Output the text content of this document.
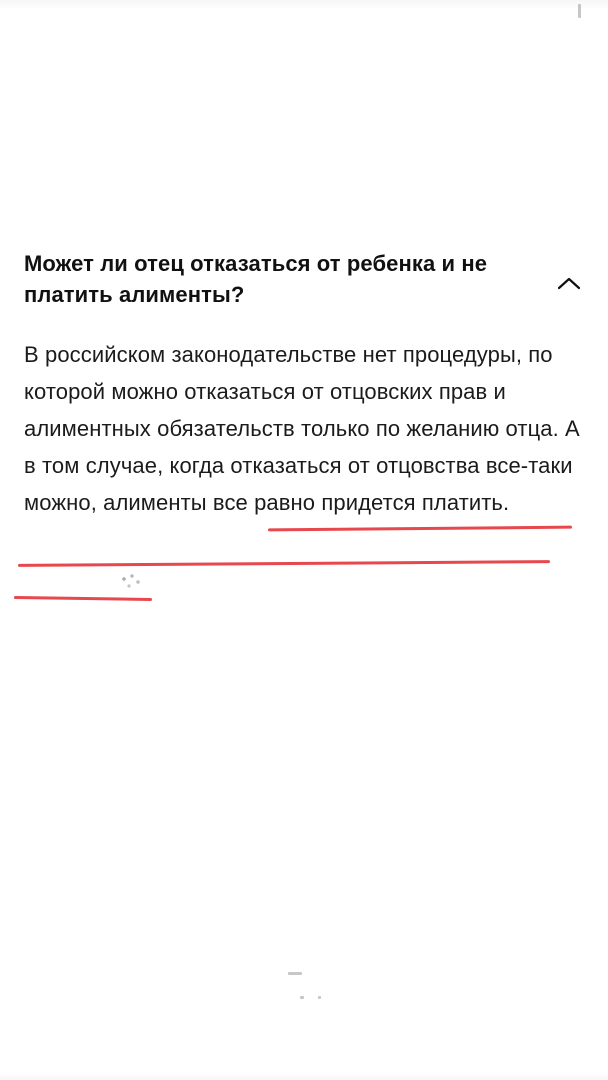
Может ли отец отказаться от ребенка и не платить алименты?

В российском законодательстве нет процедуры, по которой можно отказаться от отцовских прав и алиментных обязательств только по желанию отца. А в том случае, когда отказаться от отцовства все-таки можно, алименты все равно придется платить.
